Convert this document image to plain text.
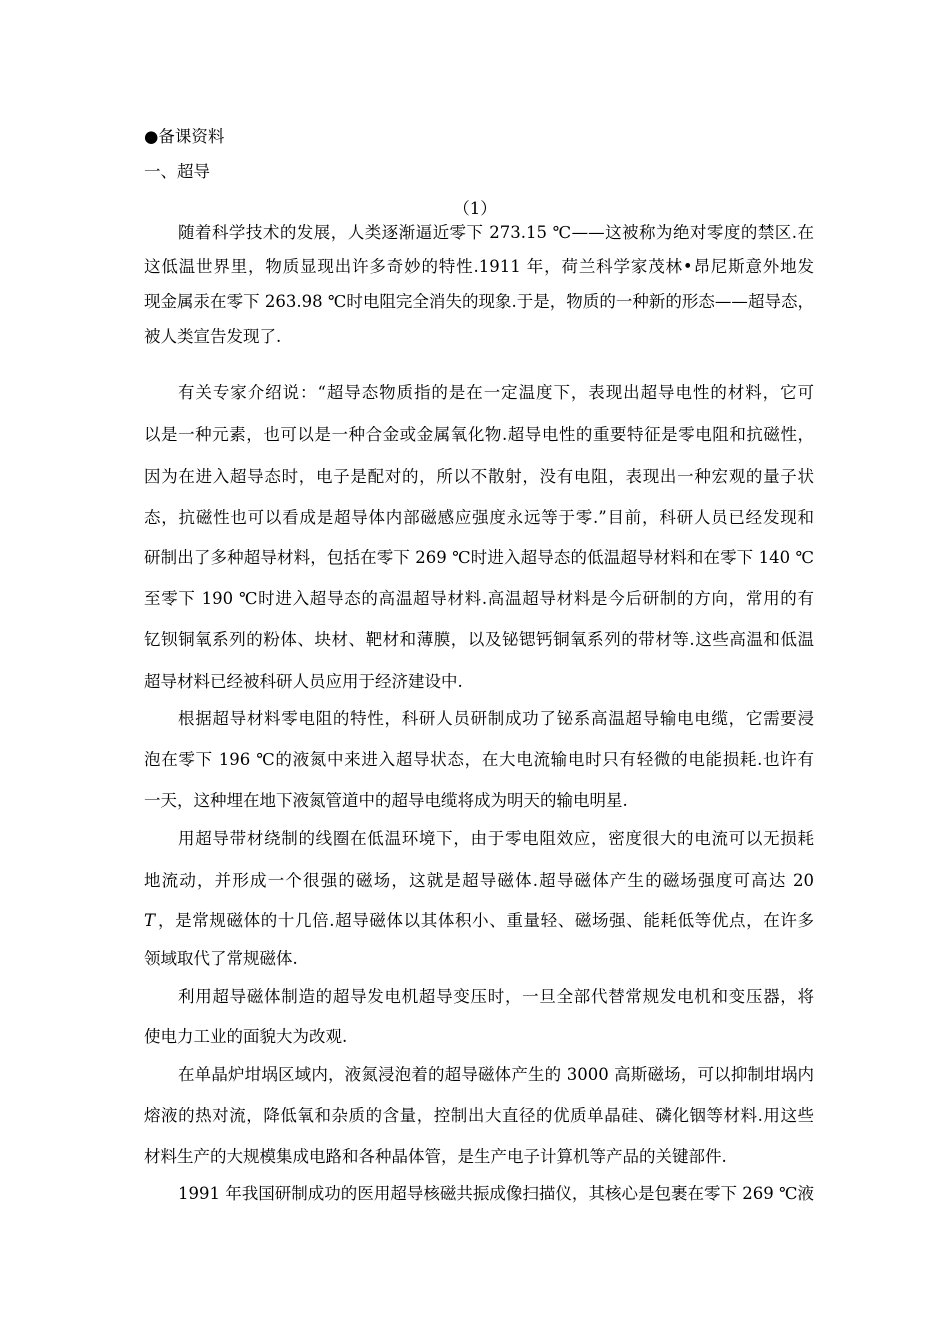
●备课资料
一、超导
（1）
随着科学技术的发展，人类逐渐逼近零下 273.15 ℃——这被称为绝对零度的禁区.在
这低温世界里，物质显现出许多奇妙的特性.1911 年，荷兰科学家茂林•昂尼斯意外地发
现金属汞在零下 263.98 ℃时电阻完全消失的现象.于是，物质的一种新的形态——超导态，
被人类宣告发现了.
有关专家介绍说：“超导态物质指的是在一定温度下，表现出超导电性的材料，它可
以是一种元素，也可以是一种合金或金属氧化物.超导电性的重要特征是零电阻和抗磁性，
因为在进入超导态时，电子是配对的，所以不散射，没有电阻，表现出一种宏观的量子状
态，抗磁性也可以看成是超导体内部磁感应强度永远等于零.”目前，科研人员已经发现和
研制出了多种超导材料，包括在零下 269 ℃时进入超导态的低温超导材料和在零下 140 ℃
至零下 190 ℃时进入超导态的高温超导材料.高温超导材料是今后研制的方向，常用的有
钇钡铜氧系列的粉体、块材、靶材和薄膜，以及铋锶钙铜氧系列的带材等.这些高温和低温
超导材料已经被科研人员应用于经济建设中.
根据超导材料零电阻的特性，科研人员研制成功了铋系高温超导输电电缆，它需要浸
泡在零下 196 ℃的液氮中来进入超导状态，在大电流输电时只有轻微的电能损耗.也许有
一天，这种埋在地下液氮管道中的超导电缆将成为明天的输电明星.
用超导带材绕制的线圈在低温环境下，由于零电阻效应，密度很大的电流可以无损耗
地流动，并形成一个很强的磁场，这就是超导磁体.超导磁体产生的磁场强度可高达 20
，是常规磁体的十几倍.超导磁体以其体积小、重量轻、磁场强、能耗低等优点，在许多
T
领域取代了常规磁体.
利用超导磁体制造的超导发电机超导变压时，一旦全部代替常规发电机和变压器，将
使电力工业的面貌大为改观.
在单晶炉坩埚区域内，液氮浸泡着的超导磁体产生的 3000 高斯磁场，可以抑制坩埚内
熔液的热对流，降低氧和杂质的含量，控制出大直径的优质单晶硅、磷化铟等材料.用这些
材料生产的大规模集成电路和各种晶体管，是生产电子计算机等产品的关键部件.
1991 年我国研制成功的医用超导核磁共振成像扫描仪，其核心是包裹在零下 269 ℃液
